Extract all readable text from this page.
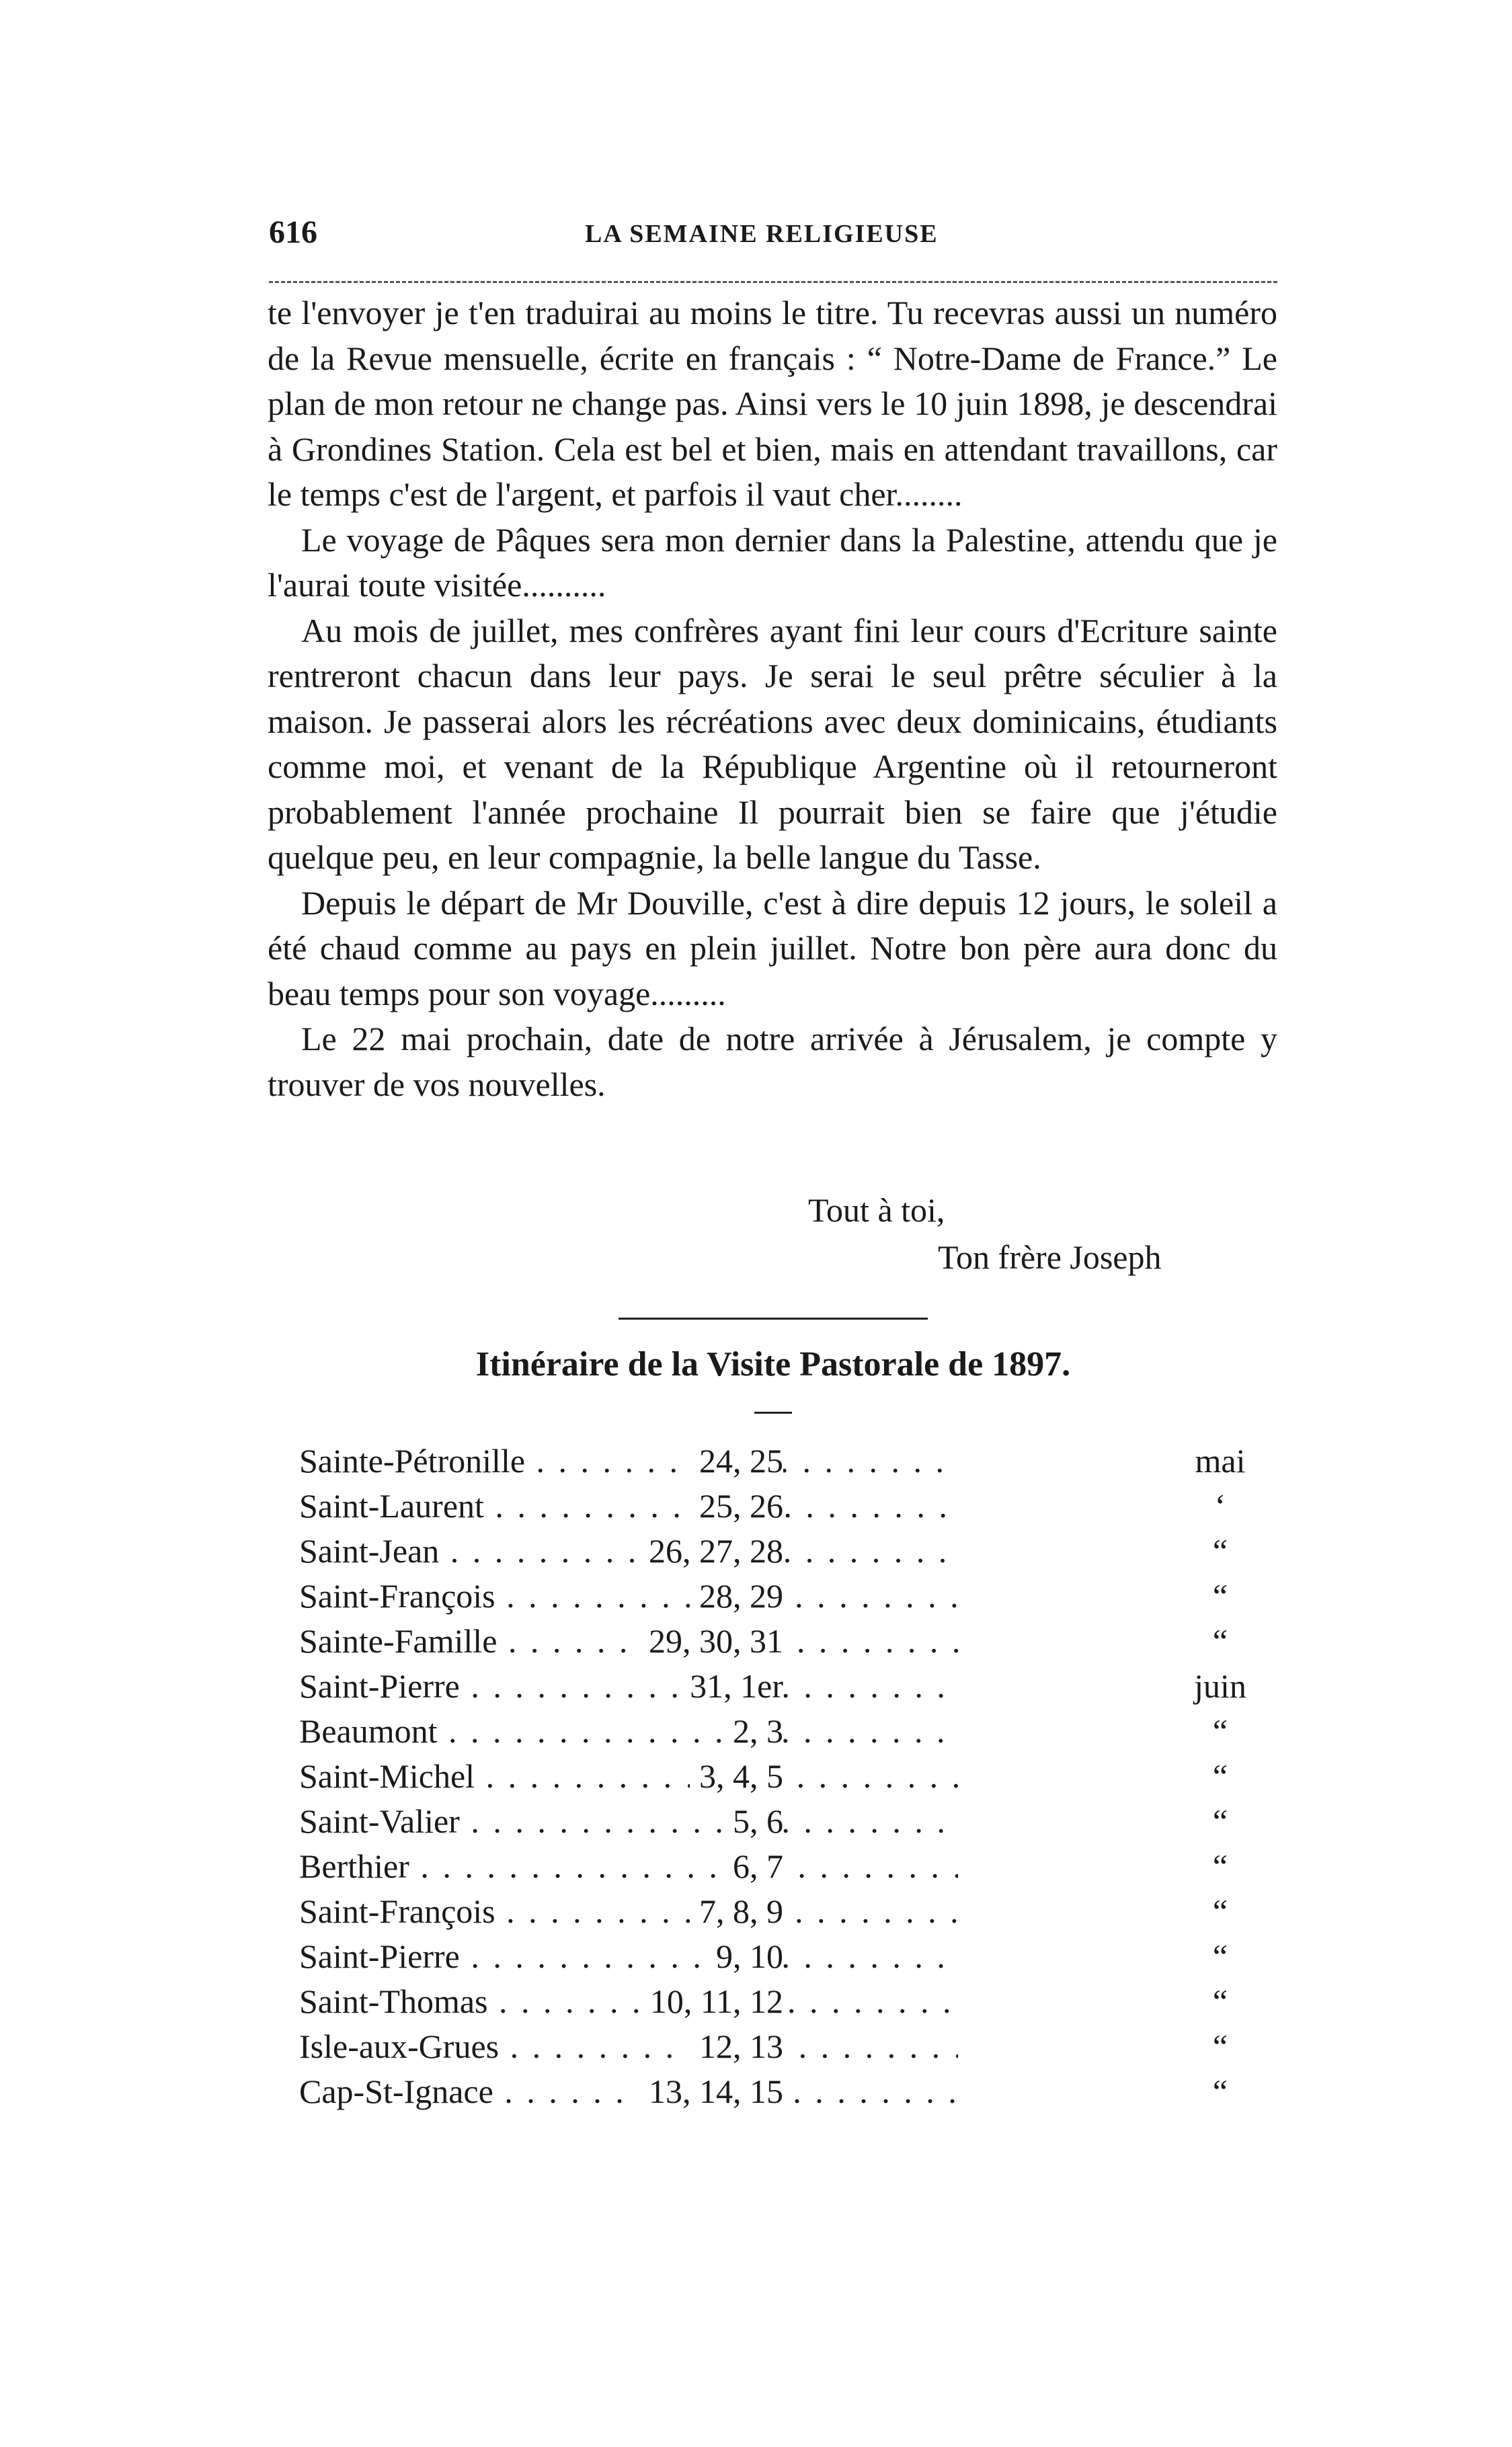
616	LA SEMAINE RELIGIEUSE

te l'envoyer je t'en traduirai au moins le titre. Tu recevras aussi un numéro de la Revue mensuelle, écrite en français : “ Notre-Dame de France.” Le plan de mon retour ne change pas. Ainsi vers le 10 juin 1898, je descendrai à Grondines Station. Cela est bel et bien, mais en attendant travaillons, car le temps c'est de l'argent, et parfois il vaut cher........

Le voyage de Pâques sera mon dernier dans la Palestine, attendu que je l'aurai toute visitée..........

Au mois de juillet, mes confrères ayant fini leur cours d'Ecriture sainte rentreront chacun dans leur pays. Je serai le seul prêtre séculier à la maison. Je passerai alors les récréations avec deux dominicains, étudiants comme moi, et venant de la République Argentine où il retourneront probablement l'année prochaine Il pourrait bien se faire que j'étudie quelque peu, en leur compagnie, la belle langue du Tasse.

Depuis le départ de Mr Douville, c'est à dire depuis 12 jours, le soleil a été chaud comme au pays en plein juillet. Notre bon père aura donc du beau temps pour son voyage.........

Le 22 mai prochain, date de notre arrivée à Jérusalem, je compte y trouver de vos nouvelles.

Tout à toi,
Ton frère Joseph
Itinéraire de la Visite Pastorale de 1897.
Sainte-Pétronille . . .	24, 25	mai
Saint-Laurent . . .	25, 26	‘
Saint-Jean . . .	26, 27, 28	“
Saint-François . . .	28, 29	“
Sainte-Famille . . .	29, 30, 31	“
Saint-Pierre . . .	31, 1er	juin
Beaumont . . .	2, 3	“
Saint-Michel . . .	3, 4, 5	“
Saint-Valier . . .	5, 6	“
Berthier . . .	6, 7	“
Saint-François . . .	7, 8, 9	“
Saint-Pierre . . .	9, 10	“
Saint-Thomas . . .	10, 11, 12	“
Isle-aux-Grues . . .	12, 13	“
Cap-St-Ignace . . .	13, 14, 15	“
